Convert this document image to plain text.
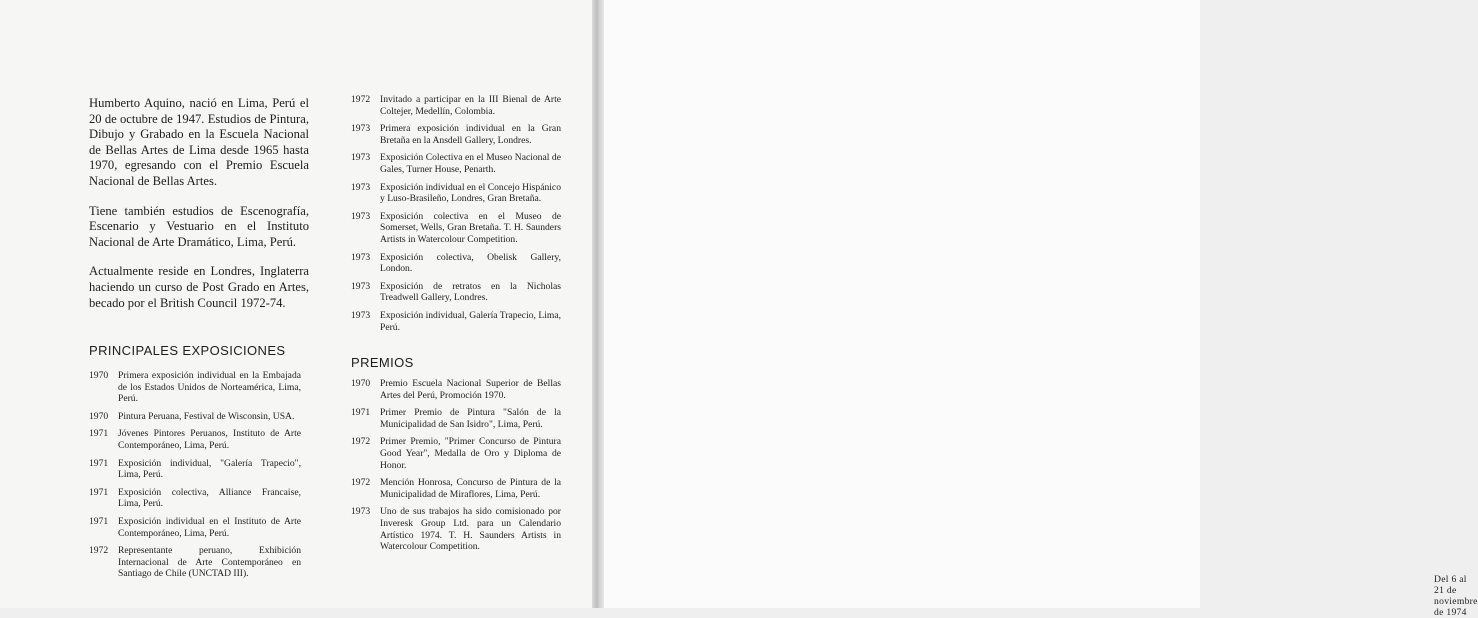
Humberto Aquino, nació en Lima, Perú el 20 de octubre de 1947. Estudios de Pintura, Dibujo y Grabado en la Escuela Nacional de Bellas Artes de Lima desde 1965 hasta 1970, egresando con el Premio Escuela Nacional de Bellas Artes.

Tiene también estudios de Escenografía, Escenario y Vestuario en el Instituto Nacional de Arte Dramático, Lima, Perú.

Actualmente reside en Londres, Inglaterra haciendo un curso de Post Grado en Artes, becado por el British Council 1972-74.

PRINCIPALES EXPOSICIONES
1970	Primera exposición individual en la Embajada de los Estados Unidos de Norteamérica, Lima, Perú.
1970	Pintura Peruana, Festival de Wisconsin, USA.
1971	Jóvenes Pintores Peruanos, Instituto de Arte Contemporáneo, Lima, Perú.
1971	Exposición individual, "Galería Trapecio", Lima, Perú.
1971	Exposición colectiva, Alliance Francaise, Lima, Perú.
1971	Exposición individual en el Instituto de Arte Contemporáneo, Lima, Perú.
1972	Representante peruano, Exhibición Internacional de Arte Contemporáneo en Santiago de Chile (UNCTAD III).
1972	Invitado a participar en la III Bienal de Arte Coltejer, Medellín, Colombia.
1973	Primera exposición individual en la Gran Bretaña en la Ansdell Gallery, Londres.
1973	Exposición Colectiva en el Museo Nacional de Gales, Turner House, Penarth.
1973	Exposición individual en el Concejo Hispánico y Luso-Brasileño, Londres, Gran Bretaña.
1973	Exposición colectiva en el Museo de Somerset, Wells, Gran Bretaña. T. H. Saunders Artists in Watercolour Competition.
1973	Exposición colectiva, Obelisk Gallery, London.
1973	Exposición de retratos en la Nicholas Treadwell Gallery, Londres.
1973	Exposición individual, Galería Trapecio, Lima, Perú.
PREMIOS
1970	Premio Escuela Nacional Superior de Bellas Artes del Perú, Promoción 1970.
1971	Primer Premio de Pintura "Salón de la Municipalidad de San Isidro", Lima, Perú.
1972	Primer Premio, "Primer Concurso de Pintura Good Year", Medalla de Oro y Diploma de Honor.
1972	Mención Honrosa, Concurso de Pintura de la Municipalidad de Miraflores, Lima, Perú.
1973	Uno de sus trabajos ha sido comisionado por Inveresk Group Ltd. para un Calendario Artístico 1974. T. H. Saunders Artists in Watercolour Competition.
Del 6 al 21 de noviembre de 1974
